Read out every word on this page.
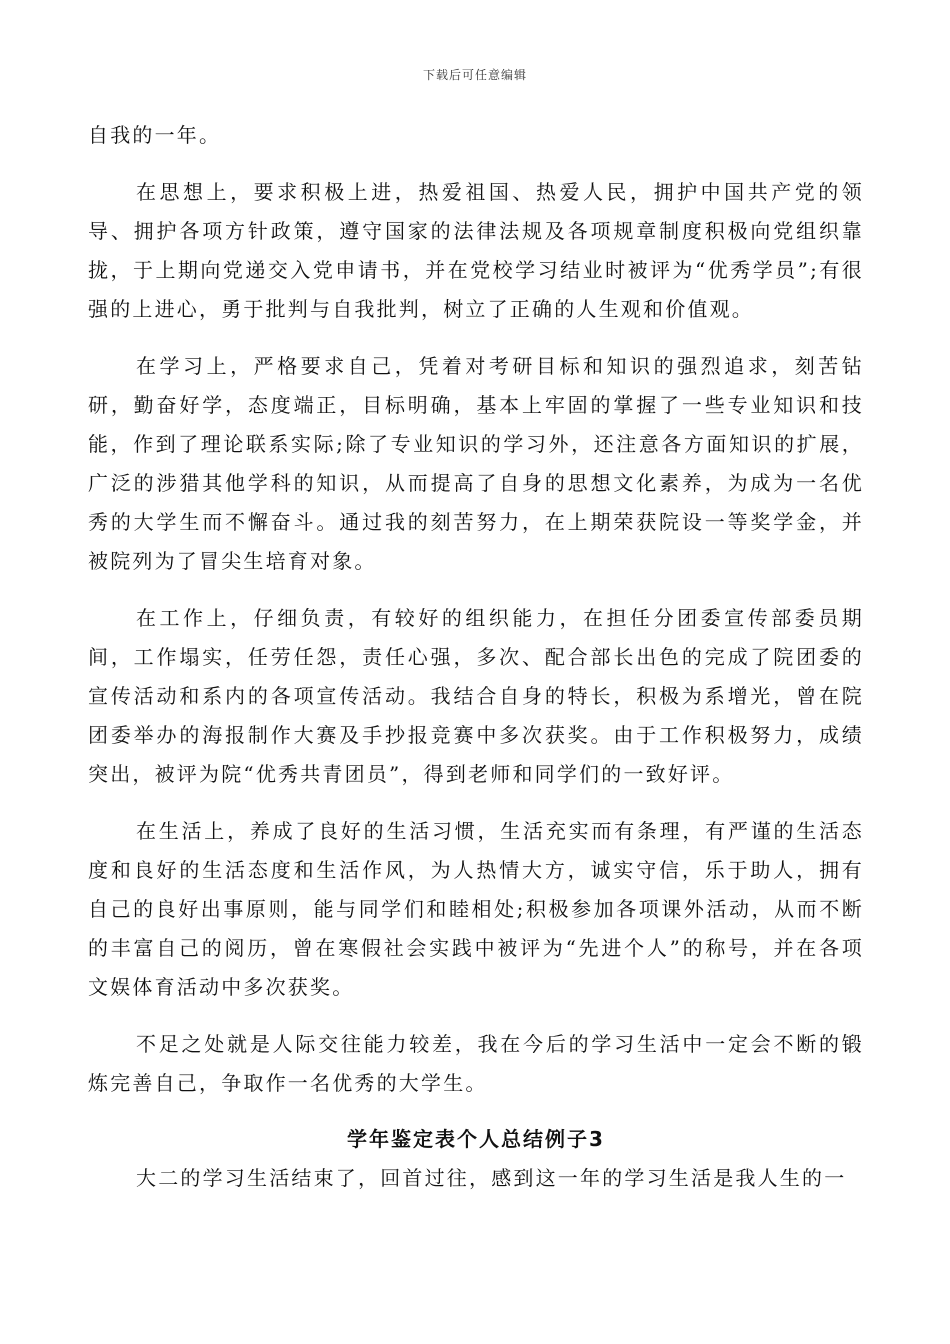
下载后可任意编辑

自我的一年。

在思想上，要求积极上进，热爱祖国、热爱人民，拥护中国共产党的领导、拥护各项方针政策，遵守国家的法律法规及各项规章制度积极向党组织靠拢，于上期向党递交入党申请书，并在党校学习结业时被评为“优秀学员”;有很强的上进心，勇于批判与自我批判，树立了正确的人生观和价值观。

在学习上，严格要求自己，凭着对考研目标和知识的强烈追求，刻苦钻研，勤奋好学，态度端正，目标明确，基本上牢固的掌握了一些专业知识和技能，作到了理论联系实际;除了专业知识的学习外，还注意各方面知识的扩展，广泛的涉猎其他学科的知识，从而提高了自身的思想文化素养，为成为一名优秀的大学生而不懈奋斗。通过我的刻苦努力，在上期荣获院设一等奖学金，并被院列为了冒尖生培育对象。

在工作上，仔细负责，有较好的组织能力，在担任分团委宣传部委员期间，工作塌实，任劳任怨，责任心强，多次、配合部长出色的完成了院团委的宣传活动和系内的各项宣传活动。我结合自身的特长，积极为系增光，曾在院团委举办的海报制作大赛及手抄报竞赛中多次获奖。由于工作积极努力，成绩突出，被评为院“优秀共青团员”，得到老师和同学们的一致好评。

在生活上，养成了良好的生活习惯，生活充实而有条理，有严谨的生活态度和良好的生活态度和生活作风，为人热情大方，诚实守信，乐于助人，拥有自己的良好出事原则，能与同学们和睦相处;积极参加各项课外活动，从而不断的丰富自己的阅历，曾在寒假社会实践中被评为“先进个人”的称号，并在各项文娱体育活动中多次获奖。

不足之处就是人际交往能力较差，我在今后的学习生活中一定会不断的锻炼完善自己，争取作一名优秀的大学生。

学年鉴定表个人总结例子3

大二的学习生活结束了，回首过往，感到这一年的学习生活是我人生的一
